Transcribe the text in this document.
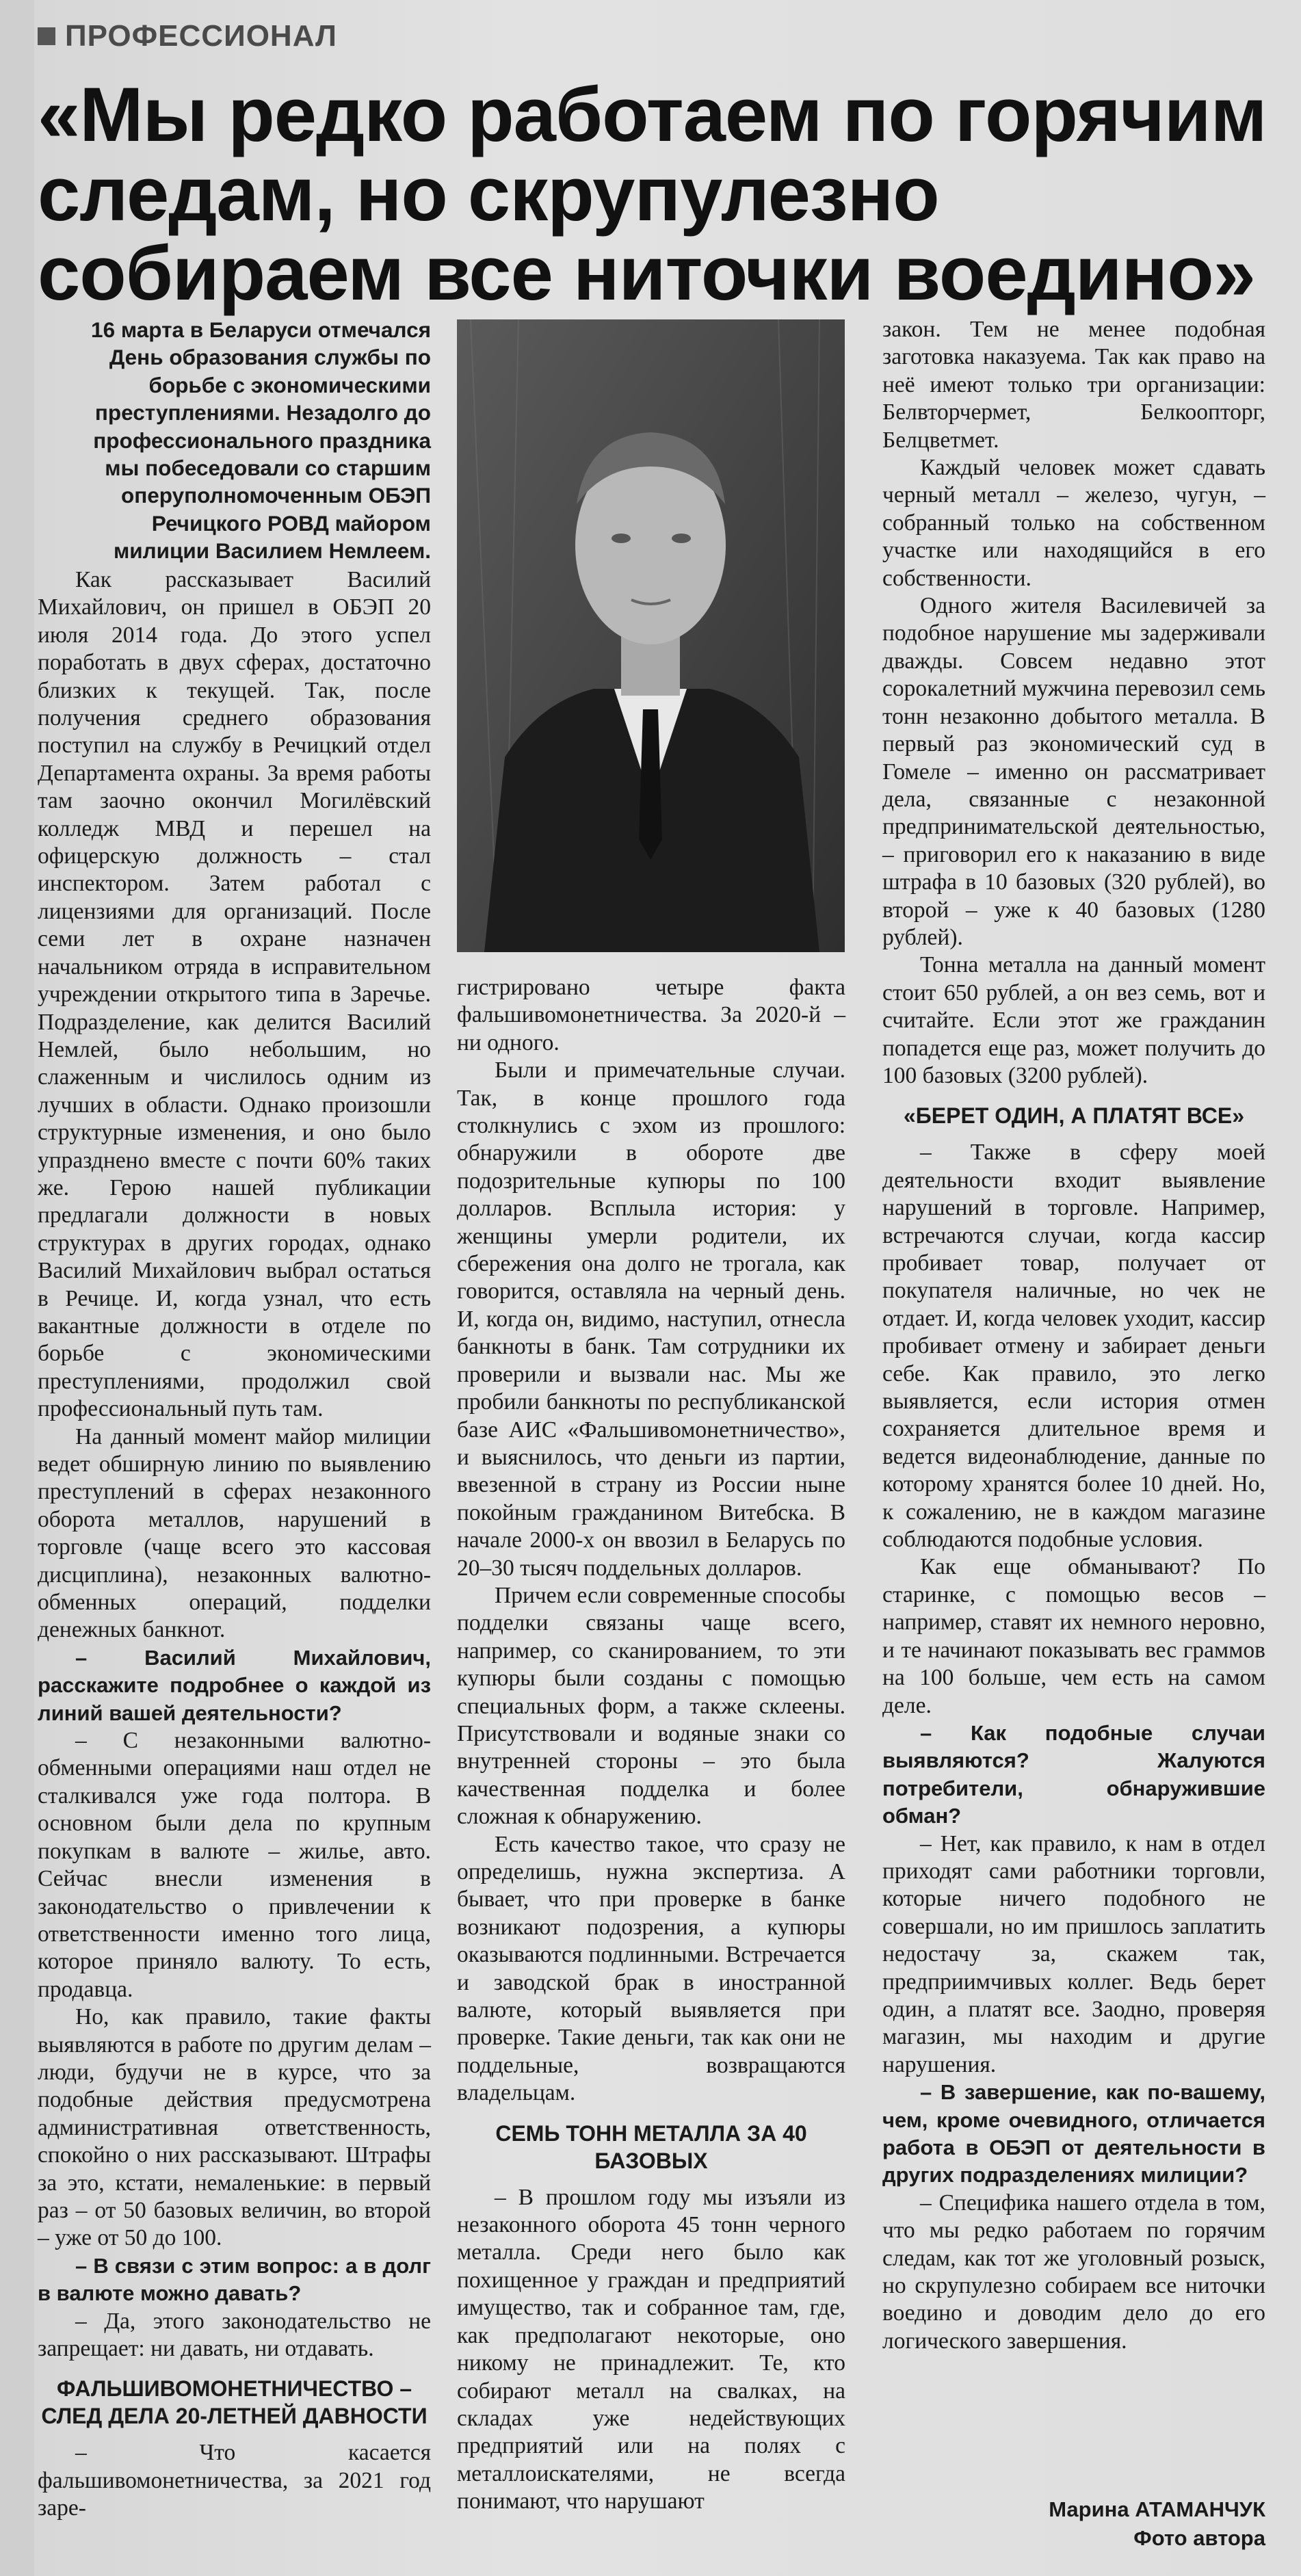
ПРОФЕССИОНАЛ
«Мы редко работаем по горячим следам, но скрупулезно собираем все ниточки воедино»
16 марта в Беларуси отмечался День образования службы по борьбе с экономическими преступлениями. Незадолго до профессионального праздника мы побеседовали со старшим оперуполномоченным ОБЭП Речицкого РОВД майором милиции Василием Немлеем.

Как рассказывает Василий Михайлович, он пришел в ОБЭП 20 июля 2014 года. До этого успел поработать в двух сферах, достаточно близких к текущей. Так, после получения среднего образования поступил на службу в Речицкий отдел Департамента охраны. За время работы там заочно окончил Могилёвский колледж МВД и перешел на офицерскую должность – стал инспектором. Затем работал с лицензиями для организаций. После семи лет в охране назначен начальником отряда в исправительном учреждении открытого типа в Заречье. Подразделение, как делится Василий Немлей, было небольшим, но слаженным и числилось одним из лучших в области. Однако произошли структурные изменения, и оно было упразднено вместе с почти 60% таких же. Герою нашей публикации предлагали должности в новых структурах в других городах, однако Василий Михайлович выбрал остаться в Речице. И, когда узнал, что есть вакантные должности в отделе по борьбе с экономическими преступлениями, продолжил свой профессиональный путь там.

На данный момент майор милиции ведет обширную линию по выявлению преступлений в сферах незаконного оборота металлов, нарушений в торговле (чаще всего это кассовая дисциплина), незаконных валютно-обменных операций, подделки денежных банкнот.

– Василий Михайлович, расскажите подробнее о каждой из линий вашей деятельности?

– С незаконными валютно-обменными операциями наш отдел не сталкивался уже года полтора. В основном были дела по крупным покупкам в валюте – жилье, авто. Сейчас внесли изменения в законодательство о привлечении к ответственности именно того лица, которое приняло валюту. То есть, продавца.

Но, как правило, такие факты выявляются в работе по другим делам – люди, будучи не в курсе, что за подобные действия предусмотрена административная ответственность, спокойно о них рассказывают. Штрафы за это, кстати, немаленькие: в первый раз – от 50 базовых величин, во второй – уже от 50 до 100.

– В связи с этим вопрос: а в долг в валюте можно давать?

– Да, этого законодательство не запрещает: ни давать, ни отдавать.

ФАЛЬШИВОМОНЕТНИЧЕСТВО – СЛЕД ДЕЛА 20-ЛЕТНЕЙ ДАВНОСТИ

– Что касается фальшивомонетничества, за 2021 год заре-

гистрировано четыре факта фальшивомонетничества. За 2020-й – ни одного.

Были и примечательные случаи. Так, в конце прошлого года столкнулись с эхом из прошлого: обнаружили в обороте две подозрительные купюры по 100 долларов. Всплыла история: у женщины умерли родители, их сбережения она долго не трогала, как говорится, оставляла на черный день. И, когда он, видимо, наступил, отнесла банкноты в банк. Там сотрудники их проверили и вызвали нас. Мы же пробили банкноты по республиканской базе АИС «Фальшивомонетничество», и выяснилось, что деньги из партии, ввезенной в страну из России ныне покойным гражданином Витебска. В начале 2000-х он ввозил в Беларусь по 20–30 тысяч поддельных долларов.

Причем если современные способы подделки связаны чаще всего, например, со сканированием, то эти купюры были созданы с помощью специальных форм, а также склеены. Присутствовали и водяные знаки со внутренней стороны – это была качественная подделка и более сложная к обнаружению.

Есть качество такое, что сразу не определишь, нужна экспертиза. А бывает, что при проверке в банке возникают подозрения, а купюры оказываются подлинными. Встречается и заводской брак в иностранной валюте, который выявляется при проверке. Такие деньги, так как они не поддельные, возвращаются владельцам.

СЕМЬ ТОНН МЕТАЛЛА ЗА 40 БАЗОВЫХ

– В прошлом году мы изъяли из незаконного оборота 45 тонн черного металла. Среди него было как похищенное у граждан и предприятий имущество, так и собранное там, где, как предполагают некоторые, оно никому не принадлежит. Те, кто собирают металл на свалках, на складах уже недействующих предприятий или на полях с металлоискателями, не всегда понимают, что нарушают

закон. Тем не менее подобная заготовка наказуема. Так как право на неё имеют только три организации: Белвторчермет, Белкоопторг, Белцветмет.

Каждый человек может сдавать черный металл – железо, чугун, – собранный только на собственном участке или находящийся в его собственности.

Одного жителя Василевичей за подобное нарушение мы задерживали дважды. Совсем недавно этот сорокалетний мужчина перевозил семь тонн незаконно добытого металла. В первый раз экономический суд в Гомеле – именно он рассматривает дела, связанные с незаконной предпринимательской деятельностью, – приговорил его к наказанию в виде штрафа в 10 базовых (320 рублей), во второй – уже к 40 базовых (1280 рублей).

Тонна металла на данный момент стоит 650 рублей, а он вез семь, вот и считайте. Если этот же гражданин попадется еще раз, может получить до 100 базовых (3200 рублей).

«БЕРЕТ ОДИН, А ПЛАТЯТ ВСЕ»

– Также в сферу моей деятельности входит выявление нарушений в торговле. Например, встречаются случаи, когда кассир пробивает товар, получает от покупателя наличные, но чек не отдает. И, когда человек уходит, кассир пробивает отмену и забирает деньги себе. Как правило, это легко выявляется, если история отмен сохраняется длительное время и ведется видеонаблюдение, данные по которому хранятся более 10 дней. Но, к сожалению, не в каждом магазине соблюдаются подобные условия.

Как еще обманывают? По старинке, с помощью весов – например, ставят их немного неровно, и те начинают показывать вес граммов на 100 больше, чем есть на самом деле.

– Как подобные случаи выявляются? Жалуются потребители, обнаружившие обман?

– Нет, как правило, к нам в отдел приходят сами работники торговли, которые ничего подобного не совершали, но им пришлось заплатить недостачу за, скажем так, предприимчивых коллег. Ведь берет один, а платят все. Заодно, проверяя магазин, мы находим и другие нарушения.

– В завершение, как по-вашему, чем, кроме очевидного, отличается работа в ОБЭП от деятельности в других подразделениях милиции?

– Специфика нашего отдела в том, что мы редко работаем по горячим следам, как тот же уголовный розыск, но скрупулезно собираем все ниточки воедино и доводим дело до его логического завершения.

Марина АТАМАНЧУК
Фото автора
